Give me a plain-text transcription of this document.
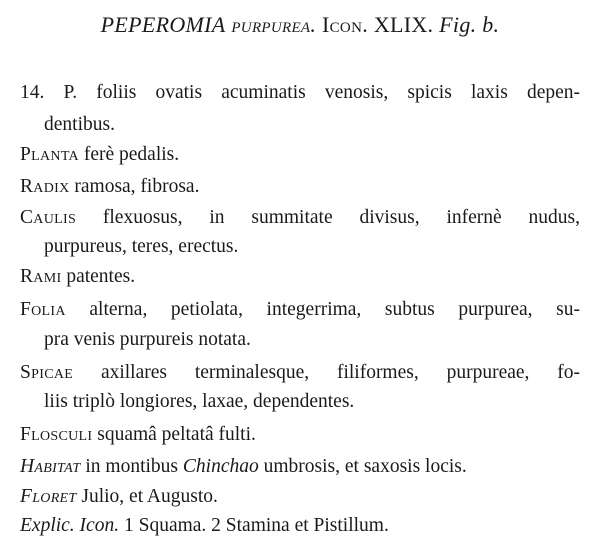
PEPEROMIA purpurea. Icon. XLIX. Fig. b.
14. P. foliis ovatis acuminatis venosis, spicis laxis depen-
dentibus.
Planta ferè pedalis.
Radix ramosa, fibrosa.
Caulis flexuosus, in summitate divisus, infernè nudus,
purpureus, teres, erectus.
Rami patentes.
Folia alterna, petiolata, integerrima, subtus purpurea, su-
pra venis purpureis notata.
Spicae axillares terminalesque, filiformes, purpureae, fo-
liis triplò longiores, laxae, dependentes.
Flosculi squamâ peltatâ fulti.
Habitat in montibus Chinchao umbrosis, et saxosis locis.
Floret Julio, et Augusto.
Explic. Icon. 1 Squama. 2 Stamina et Pistillum.
